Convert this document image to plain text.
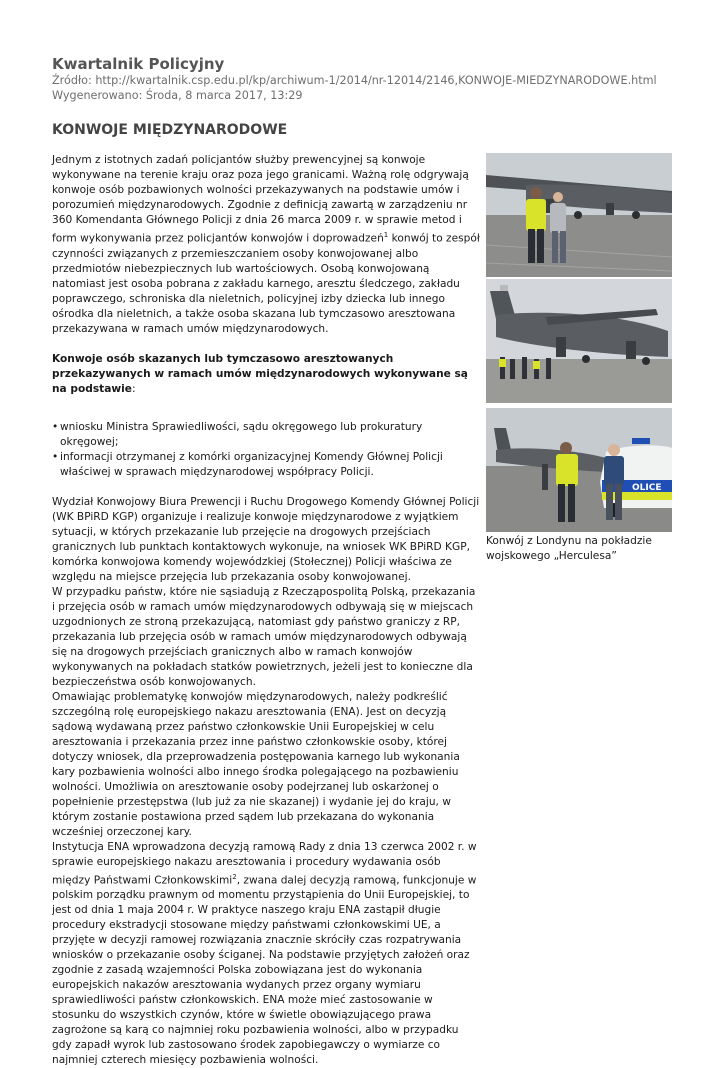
Kwartalnik Policyjny
Źródło: http://kwartalnik.csp.edu.pl/kp/archiwum-1/2014/nr-12014/2146,KONWOJE-MIEDZYNARODOWE.html
Wygenerowano: Środa, 8 marca 2017, 13:29
KONWOJE MIĘDZYNARODOWE

Jednym z istotnych zadań policjantów służby prewencyjnej są konwoje wykonywane na terenie kraju oraz poza jego granicami. Ważną rolę odgrywają konwoje osób pozbawionych wolności przekazywanych na podstawie umów i porozumień międzynarodowych. Zgodnie z definicją zawartą w zarządzeniu nr 360 Komendanta Głównego Policji z dnia 26 marca 2009 r. w sprawie metod i form wykonywania przez policjantów konwojów i doprowadzeń$^1$ konwój to zespół czynności związanych z przemieszczaniem osoby konwojowanej albo przedmiotów niebezpiecznych lub wartościowych. Osobą konwojowaną natomiast jest osoba pobrana z zakładu karnego, aresztu śledczego, zakładu poprawczego, schroniska dla nieletnich, policyjnej izby dziecka lub innego ośrodka dla nieletnich, a także osoba skazana lub tymczasowo aresztowana przekazywana w ramach umów międzynarodowych.

Konwoje osób skazanych lub tymczasowo aresztowanych przekazywanych w ramach umów międzynarodowych wykonywane są na podstawie:

• wniosku Ministra Sprawiedliwości, sądu okręgowego lub prokuratury okręgowej;
• informacji otrzymanej z komórki organizacyjnej Komendy Głównej Policji właściwej w sprawach międzynarodowej współpracy Policji.

Wydział Konwojowy Biura Prewencji i Ruchu Drogowego Komendy Głównej Policji (WK BPiRD KGP) organizuje i realizuje konwoje międzynarodowe z wyjątkiem sytuacji, w których przekazanie lub przejęcie na drogowych przejściach granicznych lub punktach kontaktowych wykonuje, na wniosek WK BPiRD KGP, komórka konwojowa komendy wojewódzkiej (Stołecznej) Policji właściwa ze względu na miejsce przejęcia lub przekazania osoby konwojowanej.

W przypadku państw, które nie sąsiadują z Rzecząpospolitą Polską, przekazania i przejęcia osób w ramach umów międzynarodowych odbywają się w miejscach uzgodnionych ze stroną przekazującą, natomiast gdy państwo graniczy z RP, przekazania lub przejęcia osób w ramach umów międzynarodowych odbywają się na drogowych przejściach granicznych albo w ramach konwojów wykonywanych na pokładach statków powietrznych, jeżeli jest to konieczne dla bezpieczeństwa osób konwojowanych.

Omawiając problematykę konwojów międzynarodowych, należy podkreślić szczególną rolę europejskiego nakazu aresztowania (ENA). Jest on decyzją sądową wydawaną przez państwo członkowskie Unii Europejskiej w celu aresztowania i przekazania przez inne państwo członkowskie osoby, której dotyczy wniosek, dla przeprowadzenia postępowania karnego lub wykonania kary pozbawienia wolności albo innego środka polegającego na pozbawieniu wolności. Umożliwia on aresztowanie osoby podejrzanej lub oskarżonej o popełnienie przestępstwa (lub już za nie skazanej) i wydanie jej do kraju, w którym zostanie postawiona przed sądem lub przekazana do wykonania wcześniej orzeczonej kary.

Instytucja ENA wprowadzona decyzją ramową Rady z dnia 13 czerwca 2002 r. w sprawie europejskiego nakazu aresztowania i procedury wydawania osób między Państwami Członkowskimi$^2$, zwana dalej decyzją ramową, funkcjonuje w polskim porządku prawnym od momentu przystąpienia do Unii Europejskiej, to jest od dnia 1 maja 2004 r. W praktyce naszego kraju ENA zastąpił długie procedury ekstradycji stosowane między państwami członkowskimi UE, a przyjęte w decyzji ramowej rozwiązania znacznie skróciły czas rozpatrywania wniosków o przekazanie osoby ściganej. Na podstawie przyjętych założeń oraz zgodnie z zasadą wzajemności Polska zobowiązana jest do wykonania europejskich nakazów aresztowania wydanych przez organy wymiaru sprawiedliwości państw członkowskich. ENA może mieć zastosowanie w stosunku do wszystkich czynów, które w świetle obowiązującego prawa zagrożone są karą co najmniej roku pozbawienia wolności, albo w przypadku gdy zapadł wyrok lub zastosowano środek zapobiegawczy o wymiarze co najmniej czterech miesięcy pozbawienia wolności.

OLICE
Konwój z Londynu na pokładzie wojskowego „Herculesa”
